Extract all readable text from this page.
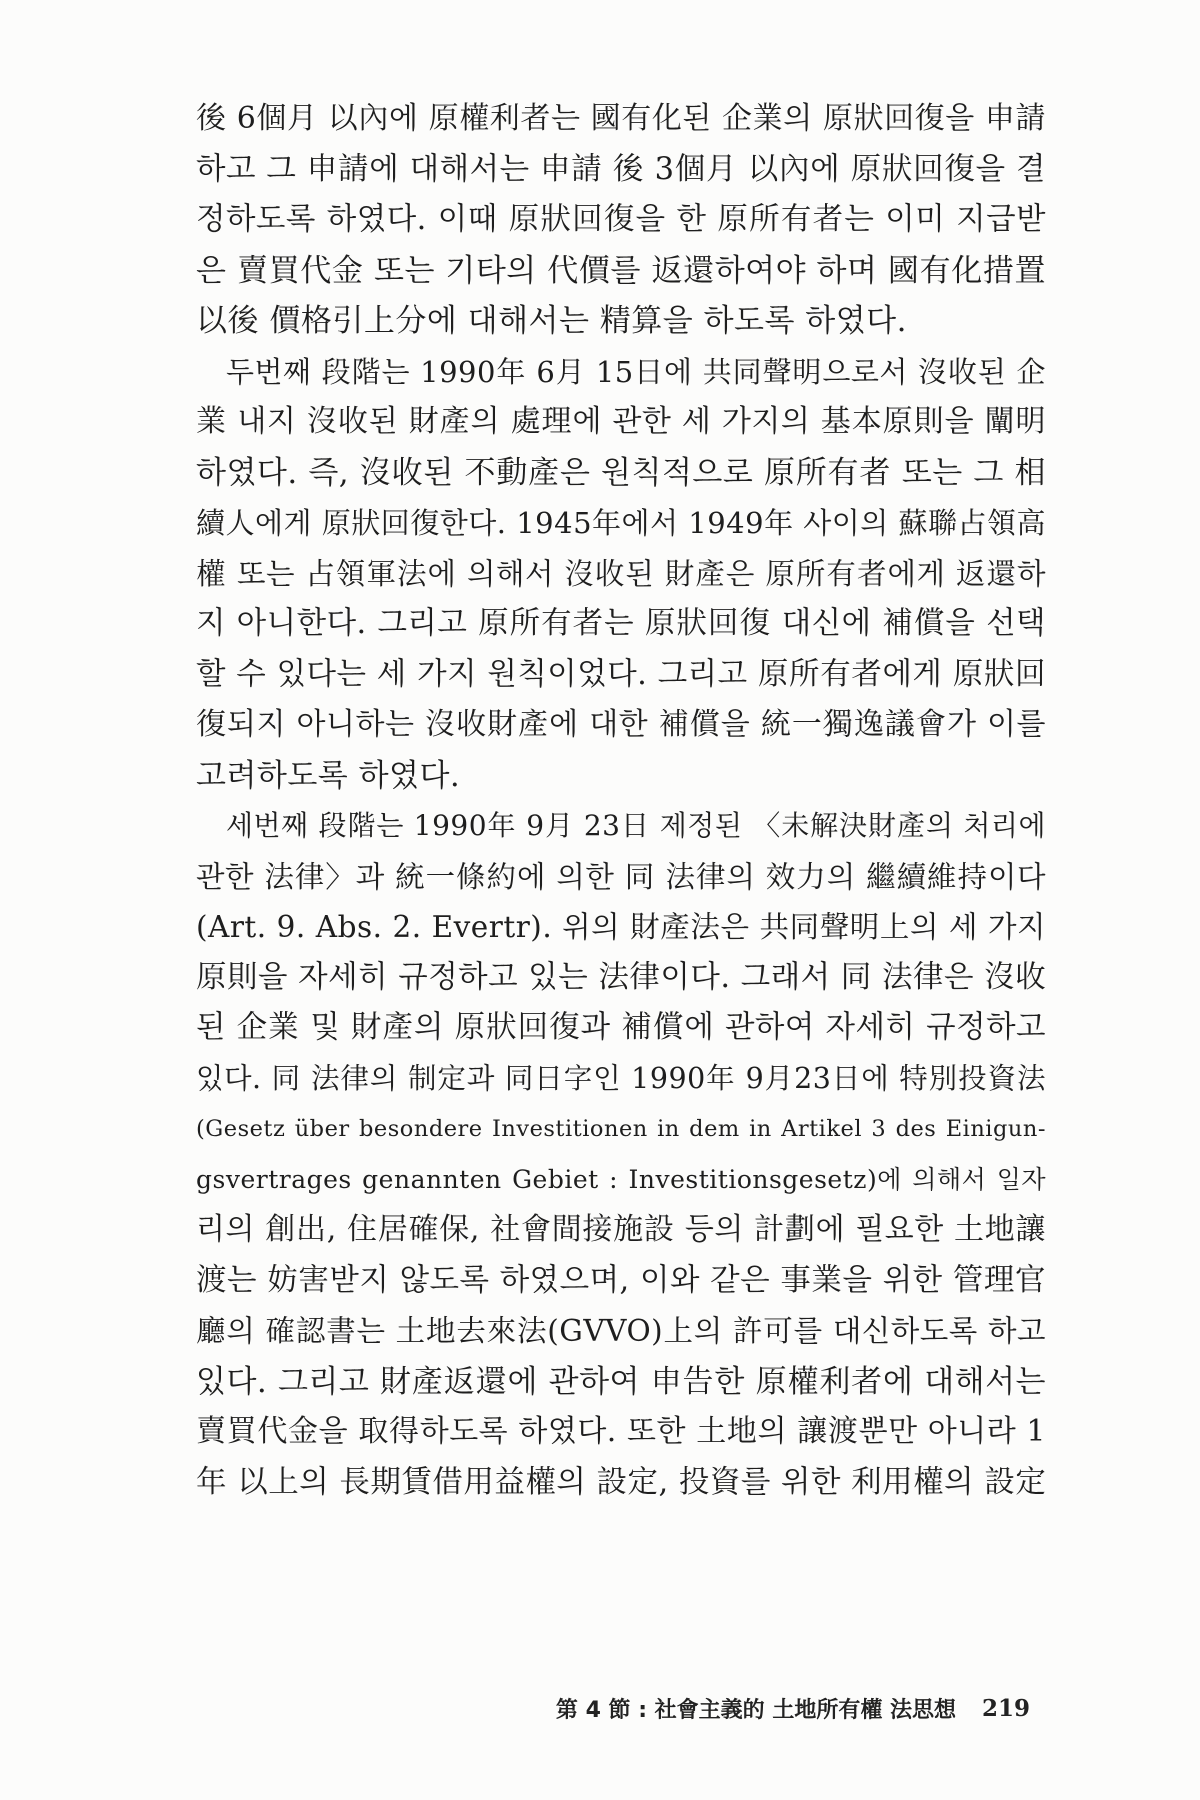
後 6個月 以內에 原權利者는 國有化된 企業의 原狀回復을 申請
하고 그 申請에 대해서는 申請 後 3個月 以內에 原狀回復을 결
정하도록 하였다. 이때 原狀回復을 한 原所有者는 이미 지급받
은 賣買代金 또는 기타의 代價를 返還하여야 하며 國有化措置
以後 價格引上分에 대해서는 精算을 하도록 하였다.
두번째 段階는 1990年 6月 15日에 共同聲明으로서 沒收된 企
業 내지 沒收된 財產의 處理에 관한 세 가지의 基本原則을 闡明
하였다. 즉, 沒收된 不動產은 원칙적으로 原所有者 또는 그 相
續人에게 原狀回復한다. 1945年에서 1949年 사이의 蘇聯占領高
權 또는 占領軍法에 의해서 沒收된 財產은 原所有者에게 返還하
지 아니한다. 그리고 原所有者는 原狀回復 대신에 補償을 선택
할 수 있다는 세 가지 원칙이었다. 그리고 原所有者에게 原狀回
復되지 아니하는 沒收財產에 대한 補償을 統一獨逸議會가 이를
고려하도록 하였다.
세번째 段階는 1990年 9月 23日 제정된 〈未解決財產의 처리에
관한 法律〉과 統一條約에 의한 同 法律의 效力의 繼續維持이다
(Art. 9. Abs. 2. Evertr). 위의 財產法은 共同聲明上의 세 가지
原則을 자세히 규정하고 있는 法律이다. 그래서 同 法律은 沒收
된 企業 및 財產의 原狀回復과 補償에 관하여 자세히 규정하고
있다. 同 法律의 制定과 同日字인 1990年 9月23日에 特別投資法
(Gesetz über besondere Investitionen in dem in Artikel 3 des Einigun-
gsvertrages genannten Gebiet : Investitionsgesetz)에 의해서 일자
리의 創出, 住居確保, 社會間接施設 등의 計劃에 필요한 土地讓
渡는 妨害받지 않도록 하였으며, 이와 같은 事業을 위한 管理官
廳의 確認書는 土地去來法(GVVO)上의 許可를 대신하도록 하고
있다. 그리고 財產返還에 관하여 申告한 原權利者에 대해서는
賣買代金을 取得하도록 하였다. 또한 土地의 讓渡뿐만 아니라 1
年 以上의 長期賃借用益權의 設定, 投資를 위한 利用權의 設定
第 4 節 : 社會主義的 土地所有權 法思想 219
